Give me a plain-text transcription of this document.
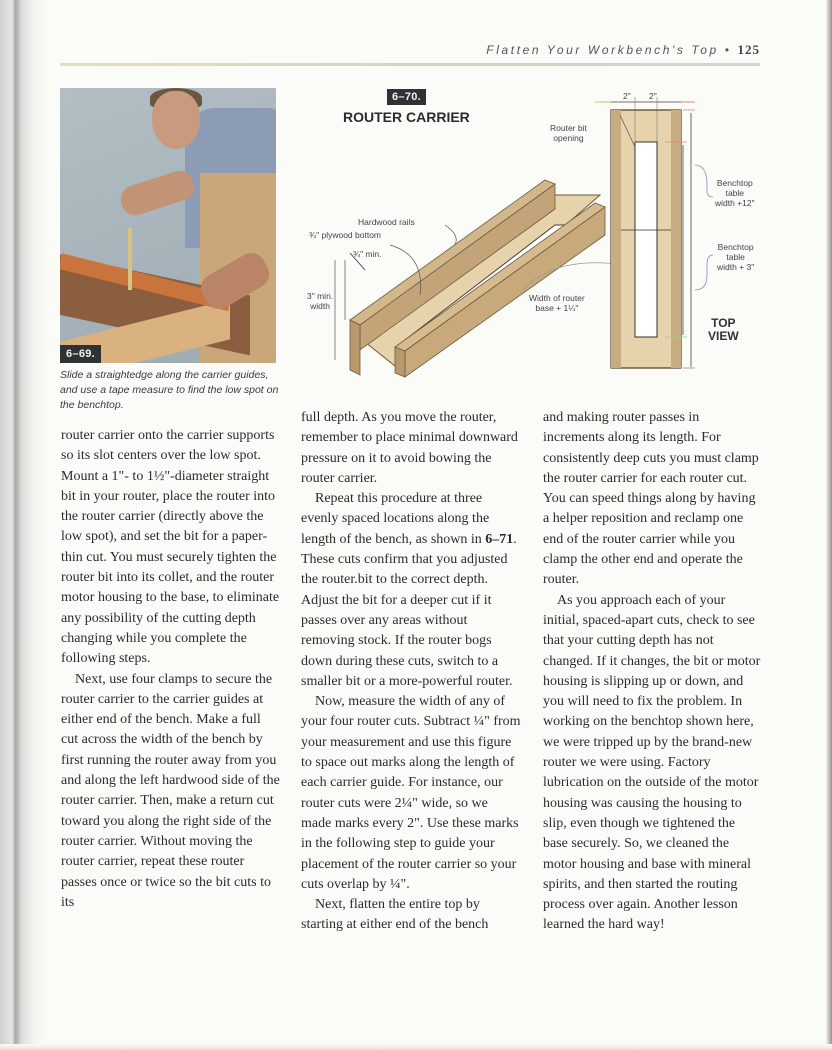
Flatten Your Workbench's Top • 125
6–69.
Slide a straightedge along the carrier guides, and use a tape measure to find the low spot on the benchtop.
6–70.
ROUTER CARRIER
Hardwood rails
¾" plywood bottom
¾" min.
3" min.
width
Router bit
opening
Width of router
base + 1¼"
2" 2"
Benchtop
table
width +12"
Benchtop
table
width + 3"
TOP
VIEW

router carrier onto the carrier supports so its slot centers over the low spot. Mount a 1"- to 1½"-diameter straight bit in your router, place the router into the router carrier (directly above the low spot), and set the bit for a paper-thin cut. You must securely tighten the router bit into its collet, and the router motor housing to the base, to eliminate any possibility of the cutting depth changing while you complete the following steps.

Next, use four clamps to secure the router carrier to the carrier guides at either end of the bench. Make a full cut across the width of the bench by first running the router away from you and along the left hardwood side of the router carrier. Then, make a return cut toward you along the right side of the router carrier. Without moving the router carrier, repeat these router passes once or twice so the bit cuts to its

full depth. As you move the router, remember to place minimal downward pressure on it to avoid bowing the router carrier.

Repeat this procedure at three evenly spaced locations along the length of the bench, as shown in 6–71. These cuts confirm that you adjusted the router.bit to the correct depth. Adjust the bit for a deeper cut if it passes over any areas without removing stock. If the router bogs down during these cuts, switch to a smaller bit or a more-powerful router.

Now, measure the width of any of your four router cuts. Subtract ¼" from your measurement and use this figure to space out marks along the length of each carrier guide. For instance, our router cuts were 2¼" wide, so we made marks every 2". Use these marks in the following step to guide your placement of the router carrier so your cuts overlap by ¼".

Next, flatten the entire top by starting at either end of the bench

and making router passes in increments along its length. For consistently deep cuts you must clamp the router carrier for each router cut. You can speed things along by having a helper reposition and reclamp one end of the router carrier while you clamp the other end and operate the router.

As you approach each of your initial, spaced-apart cuts, check to see that your cutting depth has not changed. If it changes, the bit or motor housing is slipping up or down, and you will need to fix the problem. In working on the benchtop shown here, we were tripped up by the brand-new router we were using. Factory lubrication on the outside of the motor housing was causing the housing to slip, even though we tightened the base securely. So, we cleaned the motor housing and base with mineral spirits, and then started the routing process over again. Another lesson learned the hard way!
